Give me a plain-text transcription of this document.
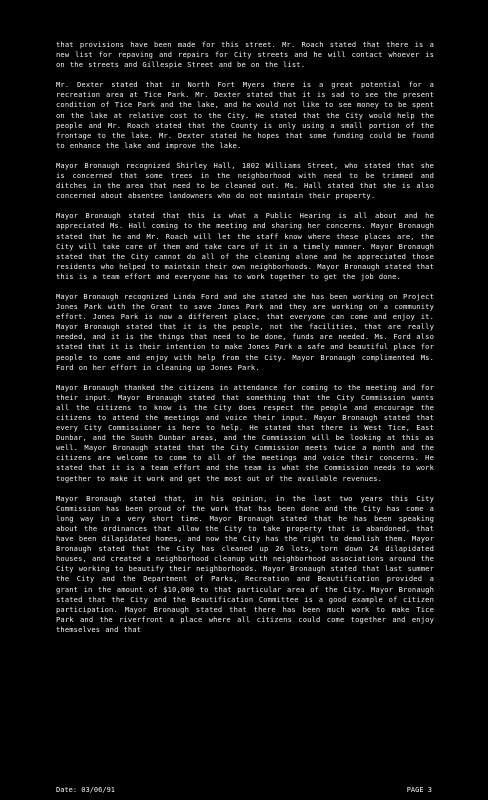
that provisions have been made for this street. Mr. Roach stated that there is a new list for repaving and repairs for City streets and he will contact whoever is on the streets and Gillespie Street and be on the list.

Mr. Dexter stated that in North Fort Myers there is a great potential for a recreation area at Tice Park. Mr. Dexter stated that it is sad to see the present condition of Tice Park and the lake, and he would not like to see money to be spent on the lake at relative cost to the City. He stated that the City would help the people and Mr. Roach stated that the County is only using a small portion of the frontage to the lake. Mr. Dexter stated he hopes that some funding could be found to enhance the lake and improve the lake.

Mayor Bronaugh recognized Shirley Hall, 1802 Williams Street, who stated that she is concerned that some trees in the neighborhood with need to be trimmed and ditches in the area that need to be cleaned out. Ms. Hall stated that she is also concerned about absentee landowners who do not maintain their property.

Mayor Bronaugh stated that this is what a Public Hearing is all about and he appreciated Ms. Hall coming to the meeting and sharing her concerns. Mayor Bronaugh stated that he and Mr. Roach will let the staff know where these places are, the City will take care of them and take care of it in a timely manner. Mayor Bronaugh stated that the City cannot do all of the cleaning alone and he appreciated those residents who helped to maintain their own neighborhoods. Mayor Bronaugh stated that this is a team effort and everyone has to work together to get the job done.

Mayor Bronaugh recognized Linda Ford and she stated she has been working on Project Jones Park with the Grant to save Jones Park and they are working on a community effort. Jones Park is now a different place, that everyone can come and enjoy it. Mayor Bronaugh stated that it is the people, not the facilities, that are really needed, and it is the things that need to be done, funds are needed. Ms. Ford also stated that it is their intention to make Jones Park a safe and beautiful place for people to come and enjoy with help from the City. Mayor Bronaugh complimented Ms. Ford on her effort in cleaning up Jones Park.

Mayor Bronaugh thanked the citizens in attendance for coming to the meeting and for their input. Mayor Bronaugh stated that something that the City Commission wants all the citizens to know is the City does respect the people and encourage the citizens to attend the meetings and voice their input. Mayor Bronaugh stated that every City Commissioner is here to help. He stated that there is West Tice, East Dunbar, and the South Dunbar areas, and the Commission will be looking at this as well. Mayor Bronaugh stated that the City Commission meets twice a month and the citizens are welcome to come to all of the meetings and voice their concerns. He stated that it is a team effort and the team is what the Commission needs to work together to make it work and get the most out of the available revenues.

Mayor Bronaugh stated that, in his opinion, in the last two years this City Commission has been proud of the work that has been done and the City has come a long way in a very short time. Mayor Bronaugh stated that he has been speaking about the ordinances that allow the City to take property that is abandoned, that have been dilapidated homes, and now the City has the right to demolish them. Mayor Bronaugh stated that the City has cleaned up 26 lots, torn down 24 dilapidated houses, and created a neighborhood cleanup with neighborhood associations around the City working to beautify their neighborhoods. Mayor Bronaugh stated that last summer the City and the Department of Parks, Recreation and Beautification provided a grant in the amount of $10,000 to that particular area of the City. Mayor Bronaugh stated that the City and the Beautification Committee is a good example of citizen participation. Mayor Bronaugh stated that there has been much work to make Tice Park and the riverfront a place where all citizens could come together and enjoy themselves and that

Date: 03/06/91	PAGE 3
